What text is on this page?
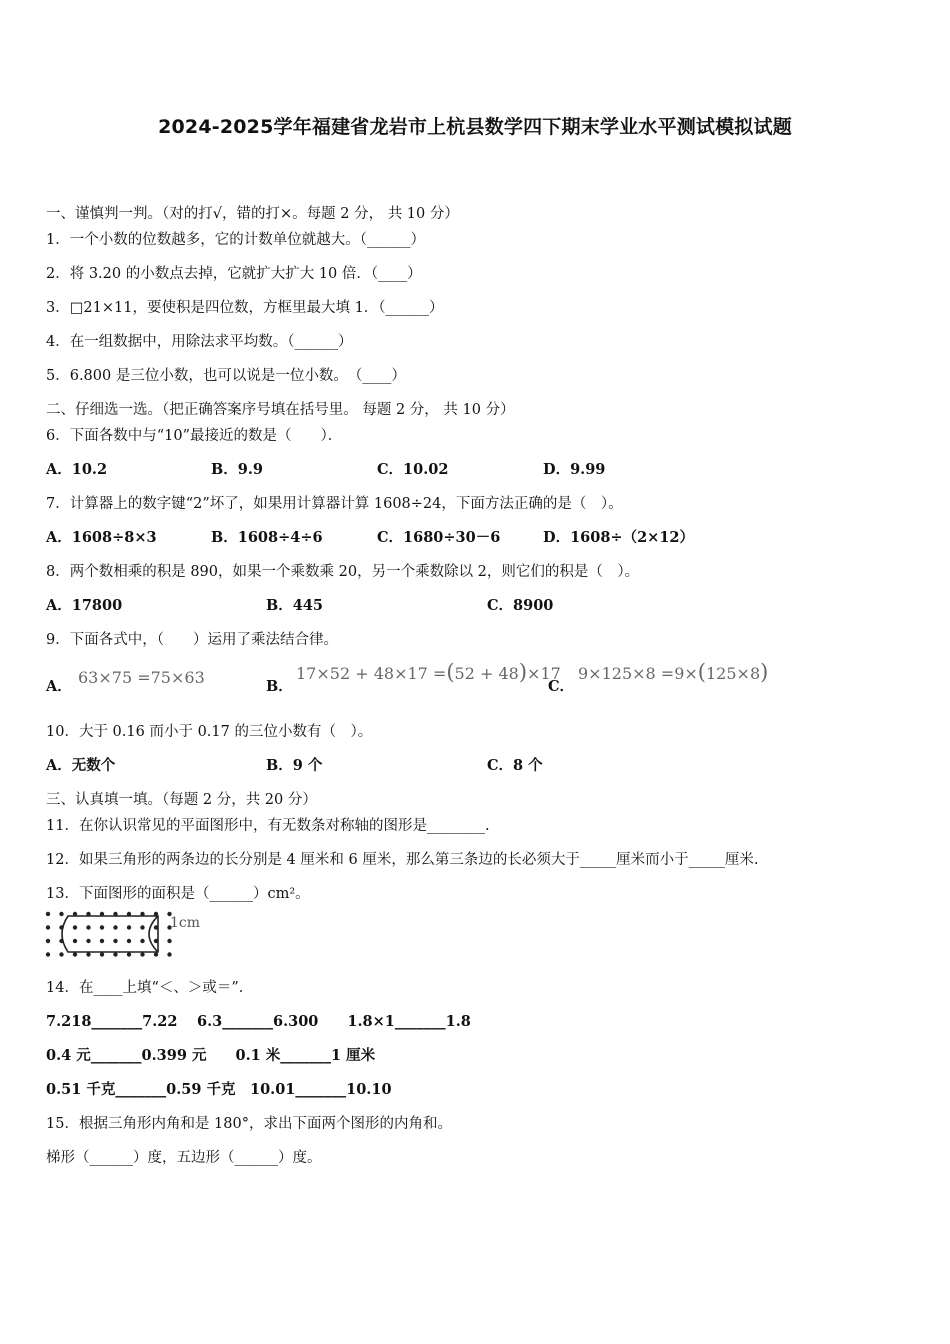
2024-2025学年福建省龙岩市上杭县数学四下期末学业水平测试模拟试题
一、谨慎判一判。（对的打√，错的打×。每题 2 分， 共 10 分）
1．一个小数的位数越多，它的计数单位就越大。（______）
2．将 3.20 的小数点去掉，它就扩大扩大 10 倍．（____）
3．□21×11，要使积是四位数，方框里最大填 1．（______）
4．在一组数据中，用除法求平均数。（______）
5．6.800 是三位小数，也可以说是一位小数。　（____）
二、仔细选一选。（把正确答案序号填在括号里。 每题 2 分， 共 10 分）
6．下面各数中与“10”最接近的数是（　　）．
A．10.2	B．9.9	C．10.02	D．9.99
7．计算器上的数字键“2”坏了，如果用计算器计算 1608÷24，下面方法正确的是（　）。
A．1608÷8×3	B．1608÷4÷6	C．1680÷30－6	D．1608÷（2×12）
8．两个数相乘的积是 890，如果一个乘数乘 20，另一个乘数除以 2，则它们的积是（　）。
A．17800	B．445	C．8900
9．下面各式中，（　　）运用了乘法结合律。
A． 63×75 =75×63	B．
17×52 + 48×17 =(52 + 48)×17
C．
9×125×8 =9×(125×8)
10．大于 0.16 而小于 0.17 的三位小数有（　）。
A．无数个	B．9 个	C．8 个
三、认真填一填。（每题 2 分，共 20 分）
11．在你认识常见的平面图形中，有无数条对称轴的图形是________.
12．如果三角形的两条边的长分别是 4 厘米和 6 厘米，那么第三条边的长必须大于_____厘米而小于_____厘米.
13．下面图形的面积是（______）cm²。
1cm
14．在____上填“＜、＞或＝”．
7.218_______7.22　 6.3_______6.300　　1.8×1_______1.8
0.4 元_______0.399 元　　0.1 米_______1 厘米
0.51 千克_______0.59 千克　10.01_______10.10
15．根据三角形内角和是 180°，求出下面两个图形的内角和。
梯形（______）度，五边形（______）度。
